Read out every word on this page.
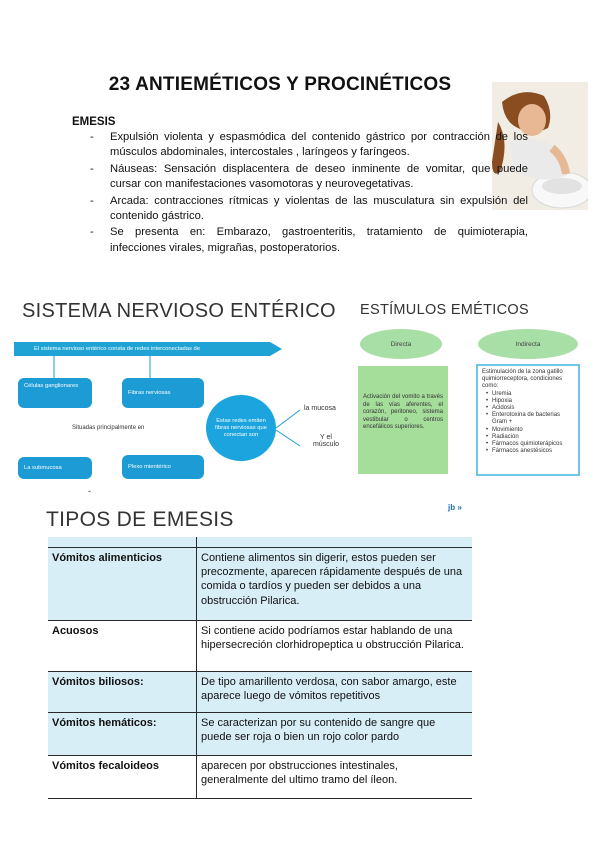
23 ANTIEMÉTICOS Y PROCINÉTICOS
EMESIS
- Expulsión violenta y espasmódica del contenido gástrico por contracción de los músculos abdominales, intercostales , laríngeos y faríngeos.
- Náuseas: Sensación displacentera de deseo inminente de vomitar, que puede cursar con manifestaciones vasomotoras y neurovegetativas.
- Arcada: contracciones rítmicas y violentas de las musculatura sin expulsión del contenido gástrico.
- Se presenta en: Embarazo, gastroenteritis, tratamiento de quimioterapia, infecciones virales, migrañas, postoperatorios.
SISTEMA NERVIOSO ENTÉRICO ESTÍMULOS EMÉTICOS
El sistema nervioso entérico consta de redes interconectadas de
Células ganglionares
Fibras nerviosas
Situadas principalmente en
La submucosa	Plexo mientérico
Estas redes emiten fibras nerviosas que conectan son
la mucosa
Y el músculo
-
Directa	Indirecta
Activación del vomito a través de las vías aferentes, el corazón, peritoneo, sistema vestibular o centros encefálicos superiores.
Estimulación de la zona gatillo quimiorreceptora, condiciones como:
• Uremia
• Hipoxia
• Acidosis
• Enterotoxina de bacterias Gram +
• Movimiento
• Radiación
• Fármacos quimioterápicos
• Fármacos anestésicos
TIPOS DE EMESIS
jb »

Vómitos alimenticios	Contiene alimentos sin digerir, estos pueden ser precozmente, aparecen rápidamente después de una comida o tardíos y pueden ser debidos a una obstrucción Pilarica.
Acuosos	Si contiene acido podríamos estar hablando de una hipersecreción clorhidropeptica u obstrucción Pilarica.
Vómitos biliosos:	De tipo amarillento verdosa, con sabor amargo, este aparece luego de vómitos repetitivos
Vómitos hemáticos:	Se caracterizan por su contenido de sangre que puede ser roja o bien un rojo color pardo
Vómitos fecaloideos	aparecen por obstrucciones intestinales, generalmente del ultimo tramo del íleon.
